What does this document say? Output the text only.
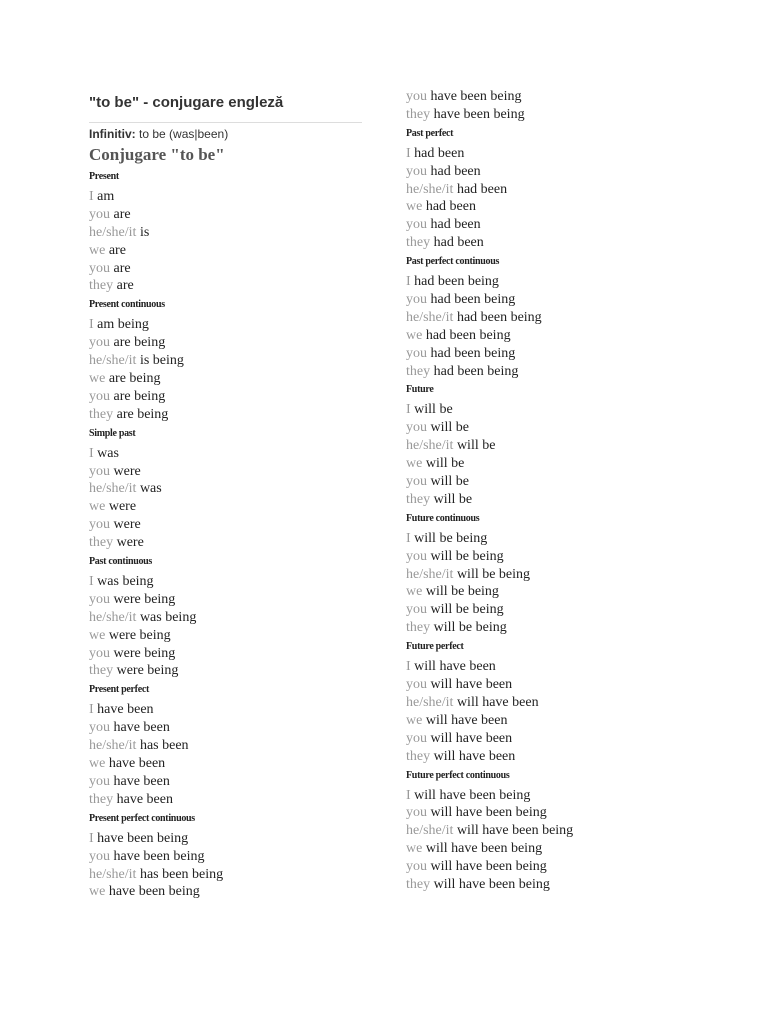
"to be" - conjugare engleză
Infinitiv: to be (was|been)
Conjugare "to be"
Present
I am
you are
he/she/it is
we are
you are
they are
Present continuous
I am being
you are being
he/she/it is being
we are being
you are being
they are being
Simple past
I was
you were
he/she/it was
we were
you were
they were
Past continuous
I was being
you were being
he/she/it was being
we were being
you were being
they were being
Present perfect
I have been
you have been
he/she/it has been
we have been
you have been
they have been
Present perfect continuous
I have been being
you have been being
he/she/it has been being
we have been being
you have been being
they have been being
Past perfect
I had been
you had been
he/she/it had been
we had been
you had been
they had been
Past perfect continuous
I had been being
you had been being
he/she/it had been being
we had been being
you had been being
they had been being
Future
I will be
you will be
he/she/it will be
we will be
you will be
they will be
Future continuous
I will be being
you will be being
he/she/it will be being
we will be being
you will be being
they will be being
Future perfect
I will have been
you will have been
he/she/it will have been
we will have been
you will have been
they will have been
Future perfect continuous
I will have been being
you will have been being
he/she/it will have been being
we will have been being
you will have been being
they will have been being
